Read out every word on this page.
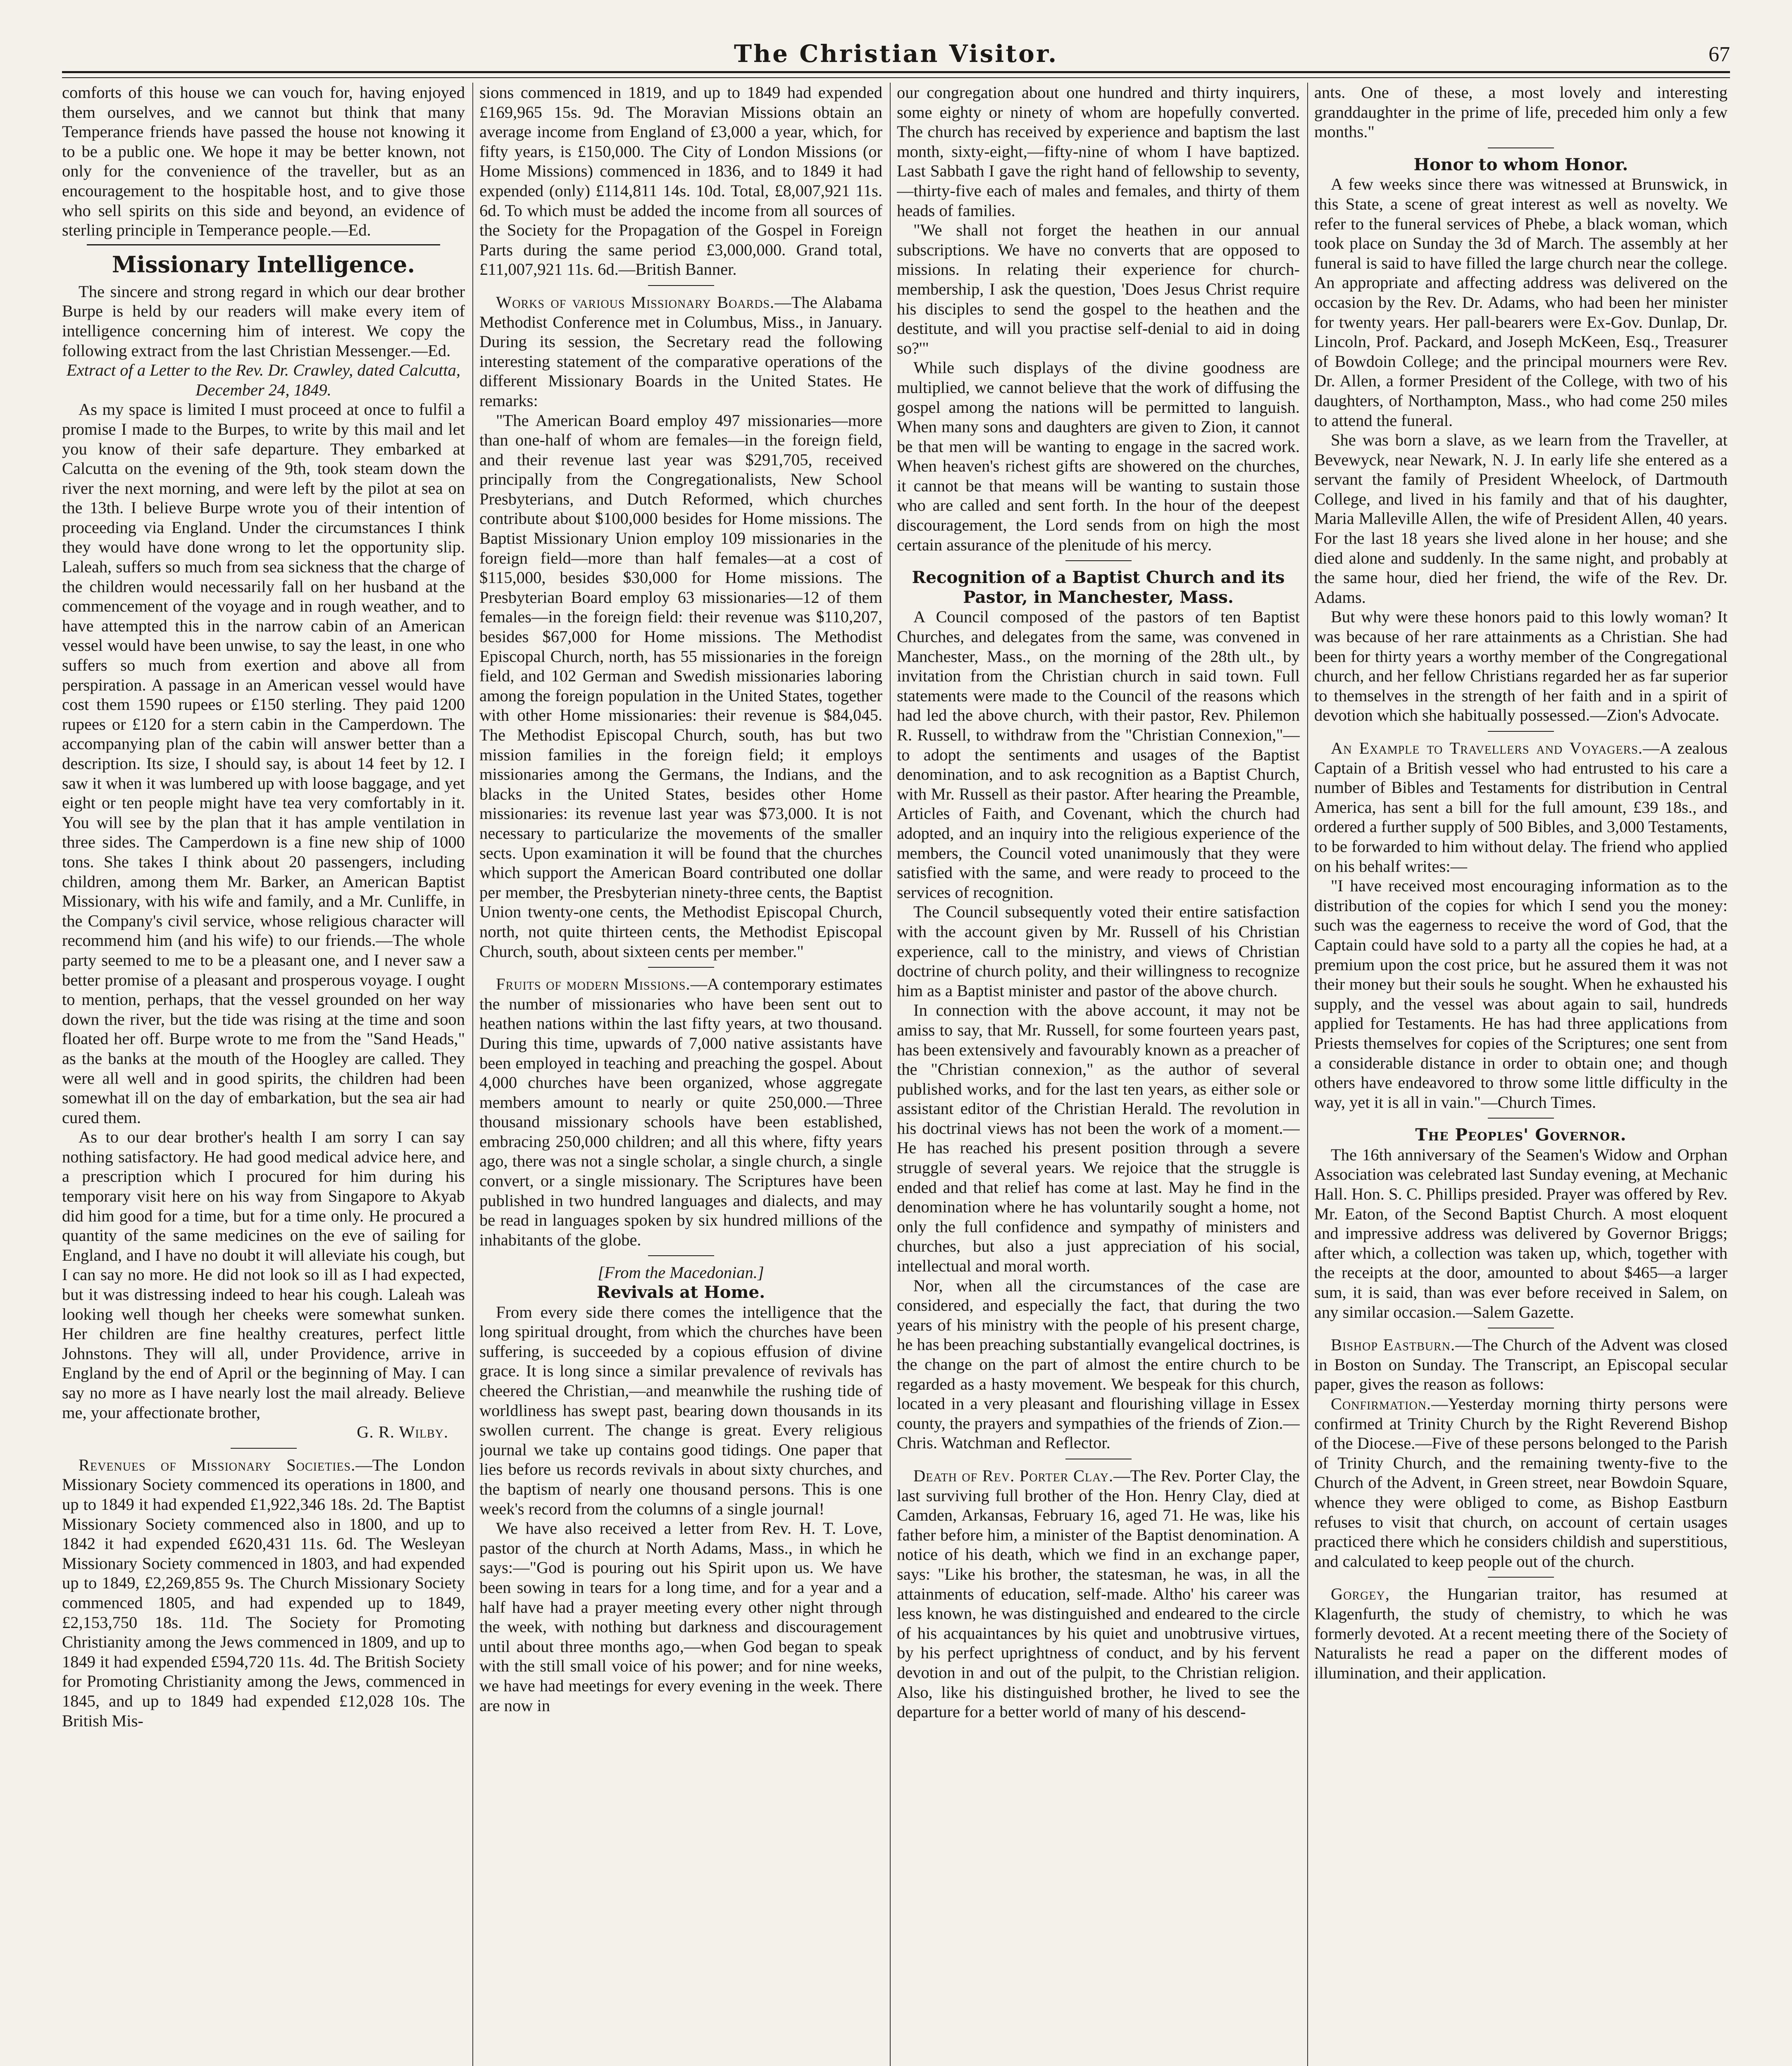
The Christian Visitor.	67

comforts of this house we can vouch for, having enjoyed them ourselves, and we cannot but think that many Temperance friends have passed the house not knowing it to be a public one. We hope it may be better known, not only for the convenience of the traveller, but as an encouragement to the hospitable host, and to give those who sell spirits on this side and beyond, an evidence of sterling principle in Temperance people.—Ed.

Missionary Intelligence.

The sincere and strong regard in which our dear brother Burpe is held by our readers will make every item of intelligence concerning him of interest. We copy the following extract from the last Christian Messenger.—Ed.

Extract of a Letter to the Rev. Dr. Crawley, dated Calcutta, December 24, 1849.

As my space is limited I must proceed at once to fulfil a promise I made to the Burpes, to write by this mail and let you know of their safe departure. They embarked at Calcutta on the evening of the 9th, took steam down the river the next morning, and were left by the pilot at sea on the 13th. I believe Burpe wrote you of their intention of proceeding via England. Under the circumstances I think they would have done wrong to let the opportunity slip. Laleah, suffers so much from sea sickness that the charge of the children would necessarily fall on her husband at the commencement of the voyage and in rough weather, and to have attempted this in the narrow cabin of an American vessel would have been unwise, to say the least, in one who suffers so much from exertion and above all from perspiration. A passage in an American vessel would have cost them 1590 rupees or £150 sterling. They paid 1200 rupees or £120 for a stern cabin in the Camperdown. The accompanying plan of the cabin will answer better than a description. Its size, I should say, is about 14 feet by 12. I saw it when it was lumbered up with loose baggage, and yet eight or ten people might have tea very comfortably in it. You will see by the plan that it has ample ventilation in three sides. The Camperdown is a fine new ship of 1000 tons. She takes I think about 20 passengers, including children, among them Mr. Barker, an American Baptist Missionary, with his wife and family, and a Mr. Cunliffe, in the Company's civil service, whose religious character will recommend him (and his wife) to our friends.—The whole party seemed to me to be a pleasant one, and I never saw a better promise of a pleasant and prosperous voyage. I ought to mention, perhaps, that the vessel grounded on her way down the river, but the tide was rising at the time and soon floated her off. Burpe wrote to me from the "Sand Heads," as the banks at the mouth of the Hoogley are called. They were all well and in good spirits, the children had been somewhat ill on the day of embarkation, but the sea air had cured them.

As to our dear brother's health I am sorry I can say nothing satisfactory. He had good medical advice here, and a prescription which I procured for him during his temporary visit here on his way from Singapore to Akyab did him good for a time, but for a time only. He procured a quantity of the same medicines on the eve of sailing for England, and I have no doubt it will alleviate his cough, but I can say no more. He did not look so ill as I had expected, but it was distressing indeed to hear his cough. Laleah was looking well though her cheeks were somewhat sunken. Her children are fine healthy creatures, perfect little Johnstons. They will all, under Providence, arrive in England by the end of April or the beginning of May. I can say no more as I have nearly lost the mail already. Believe me, your affectionate brother,

G. R. Wilby.

Revenues of Missionary Societies.—The London Missionary Society commenced its operations in 1800, and up to 1849 it had expended £1,922,346 18s. 2d. The Baptist Missionary Society commenced also in 1800, and up to 1842 it had expended £620,431 11s. 6d. The Wesleyan Missionary Society commenced in 1803, and had expended up to 1849, £2,269,855 9s. The Church Missionary Society commenced 1805, and had expended up to 1849, £2,153,750 18s. 11d. The Society for Promoting Christianity among the Jews commenced in 1809, and up to 1849 it had expended £594,720 11s. 4d. The British Society for Promoting Christianity among the Jews, commenced in 1845, and up to 1849 had expended £12,028 10s. The British Mis-

sions commenced in 1819, and up to 1849 had expended £169,965 15s. 9d. The Moravian Missions obtain an average income from England of £3,000 a year, which, for fifty years, is £150,000. The City of London Missions (or Home Missions) commenced in 1836, and to 1849 it had expended (only) £114,811 14s. 10d. Total, £8,007,921 11s. 6d. To which must be added the income from all sources of the Society for the Propagation of the Gospel in Foreign Parts during the same period £3,000,000. Grand total, £11,007,921 11s. 6d.—British Banner.

Works of various Missionary Boards.—The Alabama Methodist Conference met in Columbus, Miss., in January. During its session, the Secretary read the following interesting statement of the comparative operations of the different Missionary Boards in the United States. He remarks:

"The American Board employ 497 missionaries—more than one-half of whom are females—in the foreign field, and their revenue last year was $291,705, received principally from the Congregationalists, New School Presbyterians, and Dutch Reformed, which churches contribute about $100,000 besides for Home missions. The Baptist Missionary Union employ 109 missionaries in the foreign field—more than half females—at a cost of $115,000, besides $30,000 for Home missions. The Presbyterian Board employ 63 missionaries—12 of them females—in the foreign field: their revenue was $110,207, besides $67,000 for Home missions. The Methodist Episcopal Church, north, has 55 missionaries in the foreign field, and 102 German and Swedish missionaries laboring among the foreign population in the United States, together with other Home missionaries: their revenue is $84,045. The Methodist Episcopal Church, south, has but two mission families in the foreign field; it employs missionaries among the Germans, the Indians, and the blacks in the United States, besides other Home missionaries: its revenue last year was $73,000. It is not necessary to particularize the movements of the smaller sects. Upon examination it will be found that the churches which support the American Board contributed one dollar per member, the Presbyterian ninety-three cents, the Baptist Union twenty-one cents, the Methodist Episcopal Church, north, not quite thirteen cents, the Methodist Episcopal Church, south, about sixteen cents per member."

Fruits of modern Missions.—A contemporary estimates the number of missionaries who have been sent out to heathen nations within the last fifty years, at two thousand. During this time, upwards of 7,000 native assistants have been employed in teaching and preaching the gospel. About 4,000 churches have been organized, whose aggregate members amount to nearly or quite 250,000.—Three thousand missionary schools have been established, embracing 250,000 children; and all this where, fifty years ago, there was not a single scholar, a single church, a single convert, or a single missionary. The Scriptures have been published in two hundred languages and dialects, and may be read in languages spoken by six hundred millions of the inhabitants of the globe.

[From the Macedonian.]

Revivals at Home.

From every side there comes the intelligence that the long spiritual drought, from which the churches have been suffering, is succeeded by a copious effusion of divine grace. It is long since a similar prevalence of revivals has cheered the Christian,—and meanwhile the rushing tide of worldliness has swept past, bearing down thousands in its swollen current. The change is great. Every religious journal we take up contains good tidings. One paper that lies before us records revivals in about sixty churches, and the baptism of nearly one thousand persons. This is one week's record from the columns of a single journal!

We have also received a letter from Rev. H. T. Love, pastor of the church at North Adams, Mass., in which he says:—"God is pouring out his Spirit upon us. We have been sowing in tears for a long time, and for a year and a half have had a prayer meeting every other night through the week, with nothing but darkness and discouragement until about three months ago,—when God began to speak with the still small voice of his power; and for nine weeks, we have had meetings for every evening in the week. There are now in

our congregation about one hundred and thirty inquirers, some eighty or ninety of whom are hopefully converted. The church has received by experience and baptism the last month, sixty-eight,—fifty-nine of whom I have baptized. Last Sabbath I gave the right hand of fellowship to seventy,—thirty-five each of males and females, and thirty of them heads of families.

"We shall not forget the heathen in our annual subscriptions. We have no converts that are opposed to missions. In relating their experience for church-membership, I ask the question, 'Does Jesus Christ require his disciples to send the gospel to the heathen and the destitute, and will you practise self-denial to aid in doing so?'"

While such displays of the divine goodness are multiplied, we cannot believe that the work of diffusing the gospel among the nations will be permitted to languish. When many sons and daughters are given to Zion, it cannot be that men will be wanting to engage in the sacred work. When heaven's richest gifts are showered on the churches, it cannot be that means will be wanting to sustain those who are called and sent forth. In the hour of the deepest discouragement, the Lord sends from on high the most certain assurance of the plenitude of his mercy.

Recognition of a Baptist Church and its Pastor, in Manchester, Mass.

A Council composed of the pastors of ten Baptist Churches, and delegates from the same, was convened in Manchester, Mass., on the morning of the 28th ult., by invitation from the Christian church in said town. Full statements were made to the Council of the reasons which had led the above church, with their pastor, Rev. Philemon R. Russell, to withdraw from the "Christian Connexion,"—to adopt the sentiments and usages of the Baptist denomination, and to ask recognition as a Baptist Church, with Mr. Russell as their pastor. After hearing the Preamble, Articles of Faith, and Covenant, which the church had adopted, and an inquiry into the religious experience of the members, the Council voted unanimously that they were satisfied with the same, and were ready to proceed to the services of recognition.

The Council subsequently voted their entire satisfaction with the account given by Mr. Russell of his Christian experience, call to the ministry, and views of Christian doctrine of church polity, and their willingness to recognize him as a Baptist minister and pastor of the above church.

In connection with the above account, it may not be amiss to say, that Mr. Russell, for some fourteen years past, has been extensively and favourably known as a preacher of the "Christian connexion," as the author of several published works, and for the last ten years, as either sole or assistant editor of the Christian Herald. The revolution in his doctrinal views has not been the work of a moment.—He has reached his present position through a severe struggle of several years. We rejoice that the struggle is ended and that relief has come at last. May he find in the denomination where he has voluntarily sought a home, not only the full confidence and sympathy of ministers and churches, but also a just appreciation of his social, intellectual and moral worth.

Nor, when all the circumstances of the case are considered, and especially the fact, that during the two years of his ministry with the people of his present charge, he has been preaching substantially evangelical doctrines, is the change on the part of almost the entire church to be regarded as a hasty movement. We bespeak for this church, located in a very pleasant and flourishing village in Essex county, the prayers and sympathies of the friends of Zion.—Chris. Watchman and Reflector.

Death of Rev. Porter Clay.—The Rev. Porter Clay, the last surviving full brother of the Hon. Henry Clay, died at Camden, Arkansas, February 16, aged 71. He was, like his father before him, a minister of the Baptist denomination. A notice of his death, which we find in an exchange paper, says: "Like his brother, the statesman, he was, in all the attainments of education, self-made. Altho' his career was less known, he was distinguished and endeared to the circle of his acquaintances by his quiet and unobtrusive virtues, by his perfect uprightness of conduct, and by his fervent devotion in and out of the pulpit, to the Christian religion. Also, like his distinguished brother, he lived to see the departure for a better world of many of his descend-

ants. One of these, a most lovely and interesting granddaughter in the prime of life, preceded him only a few months."

Honor to whom Honor.

A few weeks since there was witnessed at Brunswick, in this State, a scene of great interest as well as novelty. We refer to the funeral services of Phebe, a black woman, which took place on Sunday the 3d of March. The assembly at her funeral is said to have filled the large church near the college. An appropriate and affecting address was delivered on the occasion by the Rev. Dr. Adams, who had been her minister for twenty years. Her pall-bearers were Ex-Gov. Dunlap, Dr. Lincoln, Prof. Packard, and Joseph McKeen, Esq., Treasurer of Bowdoin College; and the principal mourners were Rev. Dr. Allen, a former President of the College, with two of his daughters, of Northampton, Mass., who had come 250 miles to attend the funeral.

She was born a slave, as we learn from the Traveller, at Bevewyck, near Newark, N. J. In early life she entered as a servant the family of President Wheelock, of Dartmouth College, and lived in his family and that of his daughter, Maria Malleville Allen, the wife of President Allen, 40 years. For the last 18 years she lived alone in her house; and she died alone and suddenly. In the same night, and probably at the same hour, died her friend, the wife of the Rev. Dr. Adams.

But why were these honors paid to this lowly woman? It was because of her rare attainments as a Christian. She had been for thirty years a worthy member of the Congregational church, and her fellow Christians regarded her as far superior to themselves in the strength of her faith and in a spirit of devotion which she habitually possessed.—Zion's Advocate.

An Example to Travellers and Voyagers.—A zealous Captain of a British vessel who had entrusted to his care a number of Bibles and Testaments for distribution in Central America, has sent a bill for the full amount, £39 18s., and ordered a further supply of 500 Bibles, and 3,000 Testaments, to be forwarded to him without delay. The friend who applied on his behalf writes:—

"I have received most encouraging information as to the distribution of the copies for which I send you the money: such was the eagerness to receive the word of God, that the Captain could have sold to a party all the copies he had, at a premium upon the cost price, but he assured them it was not their money but their souls he sought. When he exhausted his supply, and the vessel was about again to sail, hundreds applied for Testaments. He has had three applications from Priests themselves for copies of the Scriptures; one sent from a considerable distance in order to obtain one; and though others have endeavored to throw some little difficulty in the way, yet it is all in vain."—Church Times.

The Peoples' Governor.

The 16th anniversary of the Seamen's Widow and Orphan Association was celebrated last Sunday evening, at Mechanic Hall. Hon. S. C. Phillips presided. Prayer was offered by Rev. Mr. Eaton, of the Second Baptist Church. A most eloquent and impressive address was delivered by Governor Briggs; after which, a collection was taken up, which, together with the receipts at the door, amounted to about $465—a larger sum, it is said, than was ever before received in Salem, on any similar occasion.—Salem Gazette.

Bishop Eastburn.—The Church of the Advent was closed in Boston on Sunday. The Transcript, an Episcopal secular paper, gives the reason as follows:

Confirmation.—Yesterday morning thirty persons were confirmed at Trinity Church by the Right Reverend Bishop of the Diocese.—Five of these persons belonged to the Parish of Trinity Church, and the remaining twenty-five to the Church of the Advent, in Green street, near Bowdoin Square, whence they were obliged to come, as Bishop Eastburn refuses to visit that church, on account of certain usages practiced there which he considers childish and superstitious, and calculated to keep people out of the church.

Gorgey, the Hungarian traitor, has resumed at Klagenfurth, the study of chemistry, to which he was formerly devoted. At a recent meeting there of the Society of Naturalists he read a paper on the different modes of illumination, and their application.
